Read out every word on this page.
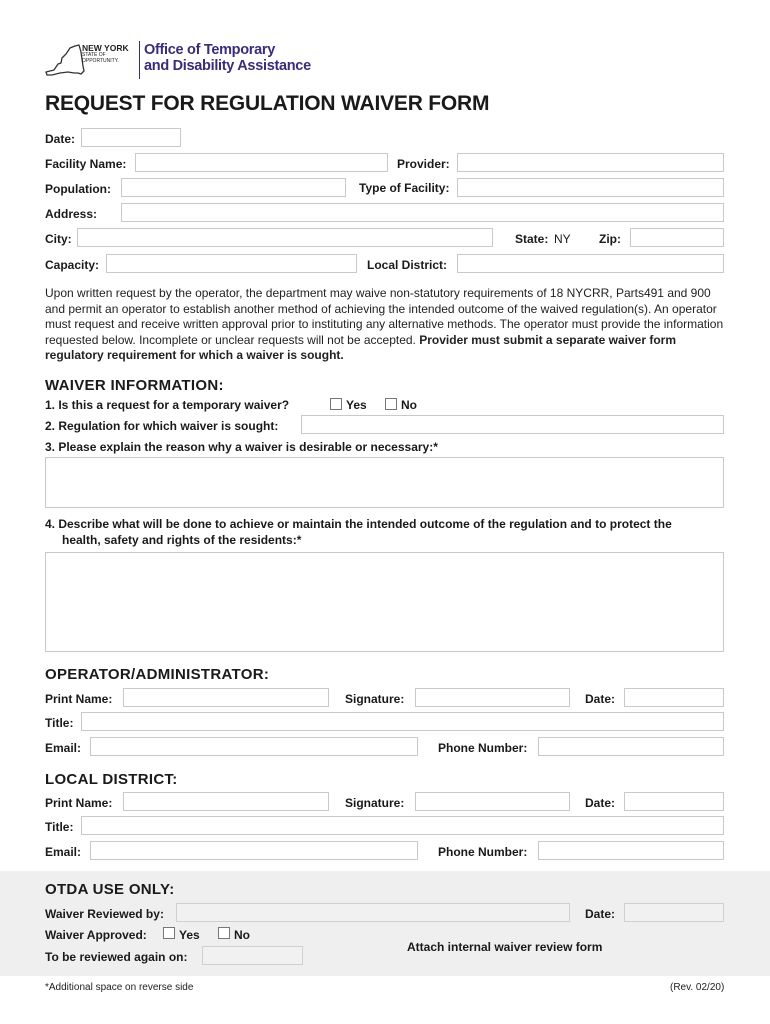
NEW YORK
STATE OF
OPPORTUNITY.
Office of Temporary
and Disability Assistance
REQUEST FOR REGULATION WAIVER FORM
Date:
Facility Name:	Provider:
Population:	Type of Facility:
Address:
City:	State: NY Zip:
Capacity:	Local District:
Upon written request by the operator, the department may waive non-statutory requirements of 18 NYCRR, Parts491 and 900 and permit an operator to establish another method of achieving the intended outcome of the waived regulation(s). An operator must request and receive written approval prior to instituting any alternative methods. The operator must provide the information requested below. Incomplete or unclear requests will not be accepted. Provider must submit a separate waiver form regulatory requirement for which a waiver is sought.
WAIVER INFORMATION:
1. Is this a request for a temporary waiver?	Yes	No
2. Regulation for which waiver is sought:
3. Please explain the reason why a waiver is desirable or necessary:*
4. Describe what will be done to achieve or maintain the intended outcome of the regulation and to protect the
health, safety and rights of the residents:*
OPERATOR/ADMINISTRATOR:
Print Name:	Signature:	Date:
Title:
Email:	Phone Number:
LOCAL DISTRICT:
Print Name:	Signature:	Date:
Title:
Email:	Phone Number:
OTDA USE ONLY:
Waiver Reviewed by:	Date:
Waiver Approved:	Yes	No
Attach internal waiver review form
To be reviewed again on:
*Additional space on reverse side	(Rev. 02/20)
